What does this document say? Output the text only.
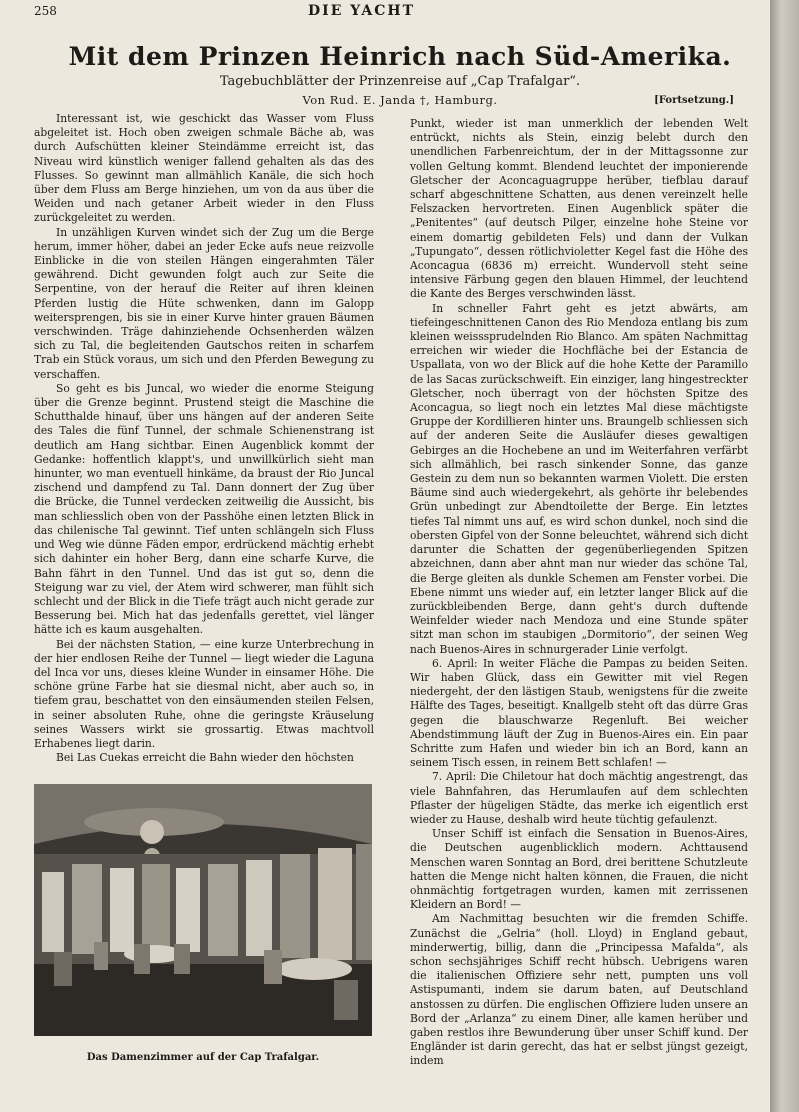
258	DIE YACHT
Mit dem Prinzen Heinrich nach Süd-Amerika.
Tagebuchblätter der Prinzenreise auf „Cap Trafalgar“.
Von Rud. E. Janda †, Hamburg.	[Fortsetzung.]

Interessant ist, wie geschickt das Wasser vom Fluss abgeleitet ist. Hoch oben zweigen schmale Bäche ab, was durch Aufschütten kleiner Steindämme erreicht ist, das Niveau wird künstlich weniger fallend gehalten als das des Flusses. So gewinnt man allmählich Kanäle, die sich hoch über dem Fluss am Berge hinziehen, um von da aus über die Weiden und nach getaner Arbeit wieder in den Fluss zurückgeleitet zu werden.

In unzähligen Kurven windet sich der Zug um die Berge herum, immer höher, dabei an jeder Ecke aufs neue reizvolle Einblicke in die von steilen Hängen eingerahmten Täler gewährend. Dicht gewunden folgt auch zur Seite die Serpentine, von der herauf die Reiter auf ihren kleinen Pferden lustig die Hüte schwenken, dann im Galopp weitersprengen, bis sie in einer Kurve hinter grauen Bäumen verschwinden. Träge dahinziehende Ochsenherden wälzen sich zu Tal, die begleitenden Gautschos reiten in scharfem Trab ein Stück voraus, um sich und den Pferden Bewegung zu verschaffen.

So geht es bis Juncal, wo wieder die enorme Steigung über die Grenze beginnt. Prustend steigt die Maschine die Schutthalde hinauf, über uns hängen auf der anderen Seite des Tales die fünf Tunnel, der schmale Schienenstrang ist deutlich am Hang sichtbar. Einen Augenblick kommt der Gedanke: hoffentlich klappt's, und unwillkürlich sieht man hinunter, wo man eventuell hinkäme, da braust der Rio Juncal zischend und dampfend zu Tal. Dann donnert der Zug über die Brücke, die Tunnel verdecken zeitweilig die Aussicht, bis man schliesslich oben von der Passhöhe einen letzten Blick in das chilenische Tal gewinnt. Tief unten schlängeln sich Fluss und Weg wie dünne Fäden empor, erdrückend mächtig erhebt sich dahinter ein hoher Berg, dann eine scharfe Kurve, die Bahn fährt in den Tunnel. Und das ist gut so, denn die Steigung war zu viel, der Atem wird schwerer, man fühlt sich schlecht und der Blick in die Tiefe trägt auch nicht gerade zur Besserung bei. Mich hat das jedenfalls gerettet, viel länger hätte ich es kaum ausgehalten.

Bei der nächsten Station, — eine kurze Unterbrechung in der hier endlosen Reihe der Tunnel — liegt wieder die Laguna del Inca vor uns, dieses kleine Wunder in einsamer Höhe. Die schöne grüne Farbe hat sie diesmal nicht, aber auch so, in tiefem grau, beschattet von den einsäumenden steilen Felsen, in seiner absoluten Ruhe, ohne die geringste Kräuselung seines Wassers wirkt sie grossartig. Etwas machtvoll Erhabenes liegt darin.

Bei Las Cuekas erreicht die Bahn wieder den höchsten

Das Damenzimmer auf der Cap Trafalgar.

Punkt, wieder ist man unmerklich der lebenden Welt entrückt, nichts als Stein, einzig belebt durch den unendlichen Farbenreichtum, der in der Mittagssonne zur vollen Geltung kommt. Blendend leuchtet der imponierende Gletscher der Aconcaguagruppe herüber, tiefblau darauf scharf abgeschnittene Schatten, aus denen vereinzelt helle Felszacken hervortreten. Einen Augenblick später die „Penitentes“ (auf deutsch Pilger, einzelne hohe Steine vor einem domartig gebildeten Fels) und dann der Vulkan „Tupungato“, dessen rötlichvioletter Kegel fast die Höhe des Aconcagua (6836 m) erreicht. Wundervoll steht seine intensive Färbung gegen den blauen Himmel, der leuchtend die Kante des Berges verschwinden lässt.

In schneller Fahrt geht es jetzt abwärts, am tiefeingeschnittenen Canon des Rio Mendoza entlang bis zum kleinen weisssprudelnden Rio Blanco. Am späten Nachmittag erreichen wir wieder die Hochfläche bei der Estancia de Uspallata, von wo der Blick auf die hohe Kette der Paramillo de las Sacas zurückschweift. Ein einziger, lang hingestreckter Gletscher, noch überragt von der höchsten Spitze des Aconcagua, so liegt noch ein letztes Mal diese mächtigste Gruppe der Kordillieren hinter uns. Braungelb schliessen sich auf der anderen Seite die Ausläufer dieses gewaltigen Gebirges an die Hochebene an und im Weiterfahren verfärbt sich allmählich, bei rasch sinkender Sonne, das ganze Gestein zu dem nun so bekannten warmen Violett. Die ersten Bäume sind auch wiedergekehrt, als gehörte ihr belebendes Grün unbedingt zur Abendtoilette der Berge. Ein letztes tiefes Tal nimmt uns auf, es wird schon dunkel, noch sind die obersten Gipfel von der Sonne beleuchtet, während sich dicht darunter die Schatten der gegenüberliegenden Spitzen abzeichnen, dann aber ahnt man nur wieder das schöne Tal, die Berge gleiten als dunkle Schemen am Fenster vorbei. Die Ebene nimmt uns wieder auf, ein letzter langer Blick auf die zurückbleibenden Berge, dann geht's durch duftende Weinfelder wieder nach Mendoza und eine Stunde später sitzt man schon im staubigen „Dormitorio“, der seinen Weg nach Buenos-Aires in schnurgerader Linie verfolgt.

6. April: In weiter Fläche die Pampas zu beiden Seiten. Wir haben Glück, dass ein Gewitter mit viel Regen niedergeht, der den lästigen Staub, wenigstens für die zweite Hälfte des Tages, beseitigt. Knallgelb steht oft das dürre Gras gegen die blauschwarze Regenluft. Bei weicher Abendstimmung läuft der Zug in Buenos-Aires ein. Ein paar Schritte zum Hafen und wieder bin ich an Bord, kann an seinem Tisch essen, in reinem Bett schlafen! —

7. April: Die Chiletour hat doch mächtig angestrengt, das viele Bahnfahren, das Herumlaufen auf dem schlechten Pflaster der hügeligen Städte, das merke ich eigentlich erst wieder zu Hause, deshalb wird heute tüchtig gefaulenzt.

Unser Schiff ist einfach die Sensation in Buenos-Aires, die Deutschen augenblicklich modern. Achttausend Menschen waren Sonntag an Bord, drei berittene Schutzleute hatten die Menge nicht halten können, die Frauen, die nicht ohnmächtig fortgetragen wurden, kamen mit zerrissenen Kleidern an Bord! —

Am Nachmittag besuchten wir die fremden Schiffe. Zunächst die „Gelria“ (holl. Lloyd) in England gebaut, minderwertig, billig, dann die „Principessa Mafalda“, als schon sechsjähriges Schiff recht hübsch. Uebrigens waren die italienischen Offiziere sehr nett, pumpten uns voll Astispumanti, indem sie darum baten, auf Deutschland anstossen zu dürfen. Die englischen Offiziere luden unsere an Bord der „Arlanza“ zu einem Diner, alle kamen herüber und gaben restlos ihre Bewunderung über unser Schiff kund. Der Engländer ist darin gerecht, das hat er selbst jüngst gezeigt, indem
